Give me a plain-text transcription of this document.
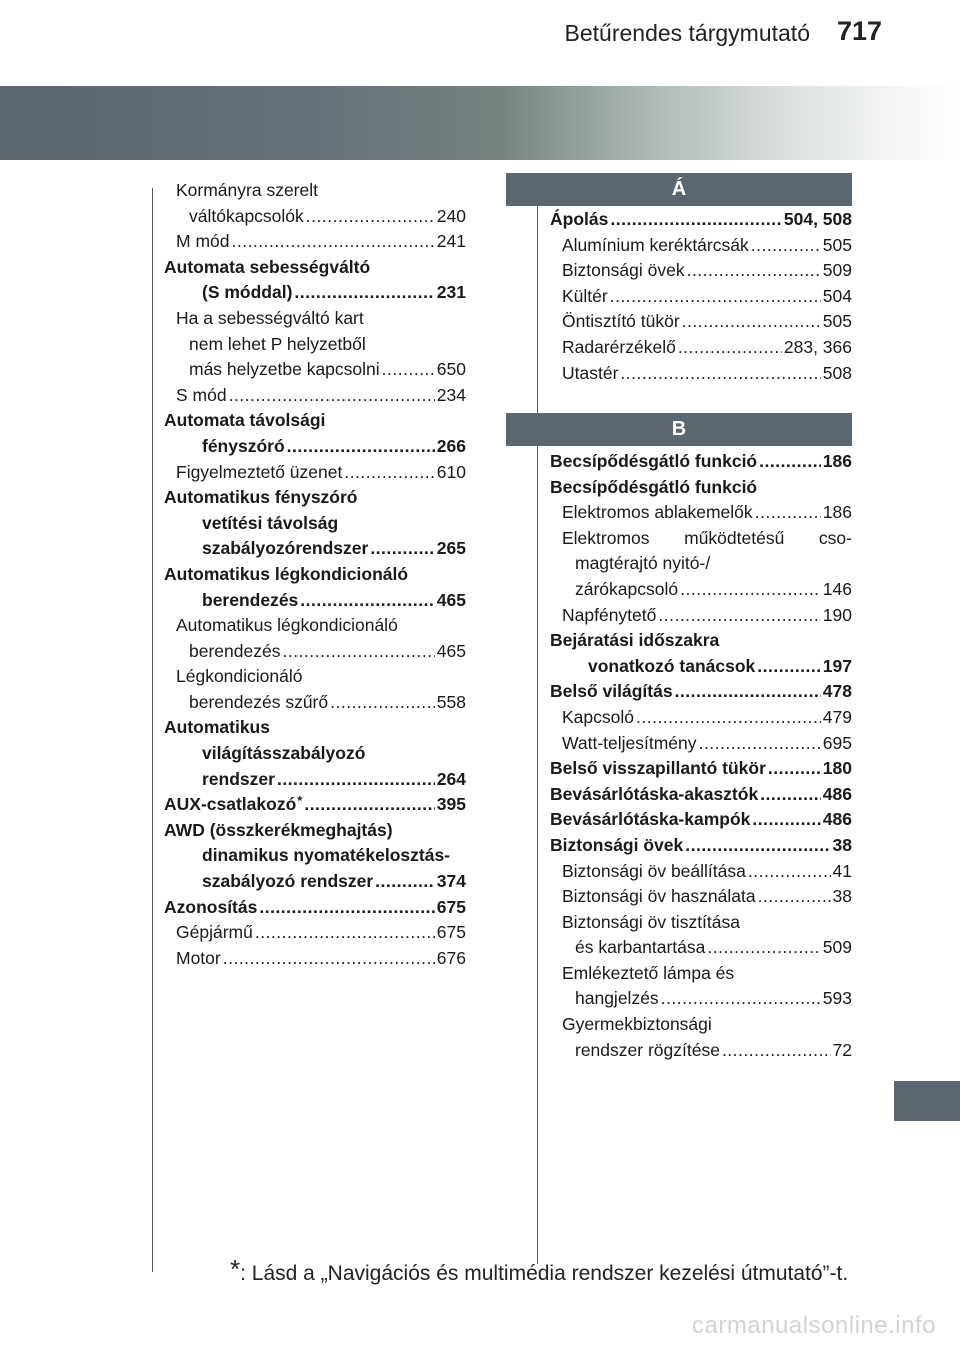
Betűrendes tárgymutató 717
Kormányra szerelt
váltókapcsolók .....	240
M mód .....	241
Automata sebességváltó
(S móddal) .....	231
Ha a sebességváltó kart
nem lehet P helyzetből
más helyzetbe kapcsolni .....	650
S mód .....	234
Automata távolsági
fényszóró .....	266
Figyelmeztető üzenet .....	610
Automatikus fényszóró
vetítési távolság
szabályozórendszer .....	265
Automatikus légkondicionáló
berendezés .....	465
Automatikus légkondicionáló
berendezés .....	465
Légkondicionáló
berendezés szűrő .....	558
Automatikus
világításszabályozó
rendszer .....	264
AUX-csatlakozó * .....	395
AWD (összkerékmeghajtás)
dinamikus nyomatékelosztás-
szabályozó rendszer .....	374
Azonosítás .....	675
Gépjármű .....	675
Motor .....	676
Á
Ápolás .....	504, 508
Alumínium keréktárcsák .....	505
Biztonsági övek .....	509
Kültér .....	504
Öntisztító tükör .....	505
Radarérzékelő .....	283, 366
Utastér .....	508
B
Becsípődésgátló funkció .....	186
Becsípődésgátló funkció
Elektromos ablakemelők .....	186
Elektromos működtetésű cso-
magtérajtó nyitó-/
zárókapcsoló .....	146
Napfénytető .....	190
Bejáratási időszakra
vonatkozó tanácsok .....	197
Belső világítás .....	478
Kapcsoló .....	479
Watt-teljesítmény .....	695
Belső visszapillantó tükör .....	180
Bevásárlótáska-akasztók .....	486
Bevásárlótáska-kampók .....	486
Biztonsági övek .....	38
Biztonsági öv beállítása .....	41
Biztonsági öv használata .....	38
Biztonsági öv tisztítása
és karbantartása .....	509
Emlékeztető lámpa és
hangjelzés .....	593
Gyermekbiztonsági
rendszer rögzítése .....	72
*: Lásd a „Navigációs és multimédia rendszer kezelési útmutató”-t.
carmanualsonline.info
